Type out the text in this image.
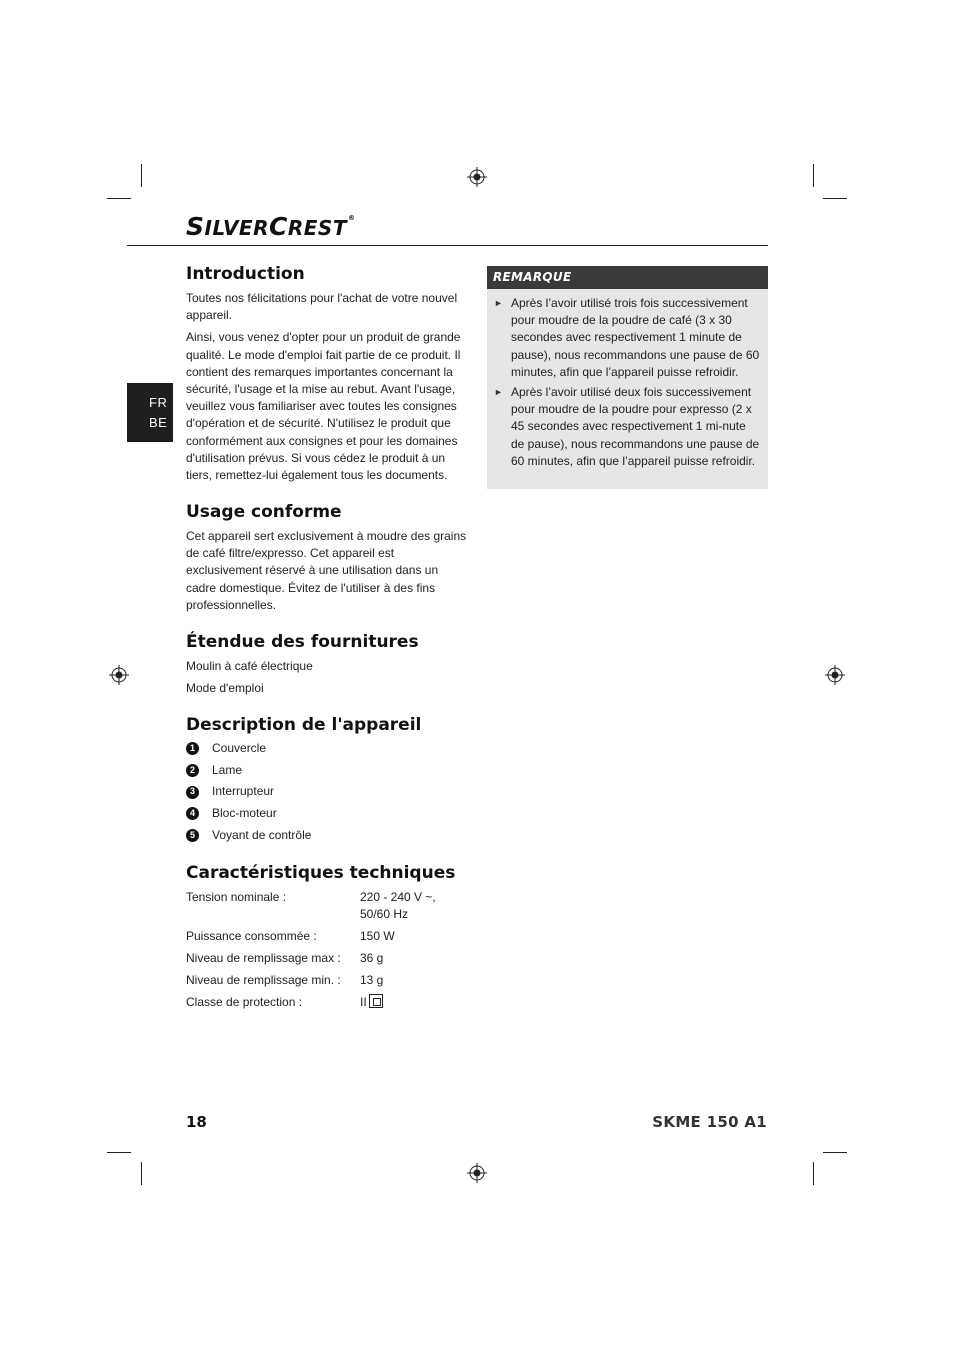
SILVERCREST®
FR
BE
Introduction

Toutes nos félicitations pour l'achat de votre nouvel appareil.

Ainsi, vous venez d'opter pour un produit de grande qualité. Le mode d'emploi fait partie de ce produit. Il contient des remarques importantes concernant la sécurité, l'usage et la mise au rebut. Avant l'usage, veuillez vous familiariser avec toutes les consignes d'opération et de sécurité. N'utilisez le produit que conformément aux consignes et pour les domaines d'utilisation prévus. Si vous cédez le produit à un tiers, remettez-lui également tous les documents.

Usage conforme

Cet appareil sert exclusivement à moudre des grains de café filtre/expresso. Cet appareil est exclusivement réservé à une utilisation dans un cadre domestique. Évitez de l'utiliser à des fins professionnelles.

Étendue des fournitures

Moulin à café électrique

Mode d'emploi

Description de l'appareil
1	Couvercle
2	Lame
3	Interrupteur
4	Bloc-moteur
5	Voyant de contrôle
Caractéristiques techniques
Tension nominale :	220 - 240 V ~,
50/60 Hz
Puissance consommée :	150 W
Niveau de remplissage max :	36 g
Niveau de remplissage min. :	13 g
Classe de protection :	II
REMARQUE
► Après l’avoir utilisé trois fois successivement pour moudre de la poudre de café (3 x 30 secondes avec respectivement 1 minute de pause), nous recommandons une pause de 60 minutes, afin que l’appareil puisse refroidir.
► Après l’avoir utilisé deux fois successivement pour moudre de la poudre pour expresso (2 x 45 secondes avec respectivement 1 mi-nute de pause), nous recommandons une pause de 60 minutes, afin que l’appareil puisse refroidir.
18	SKME 150 A1
